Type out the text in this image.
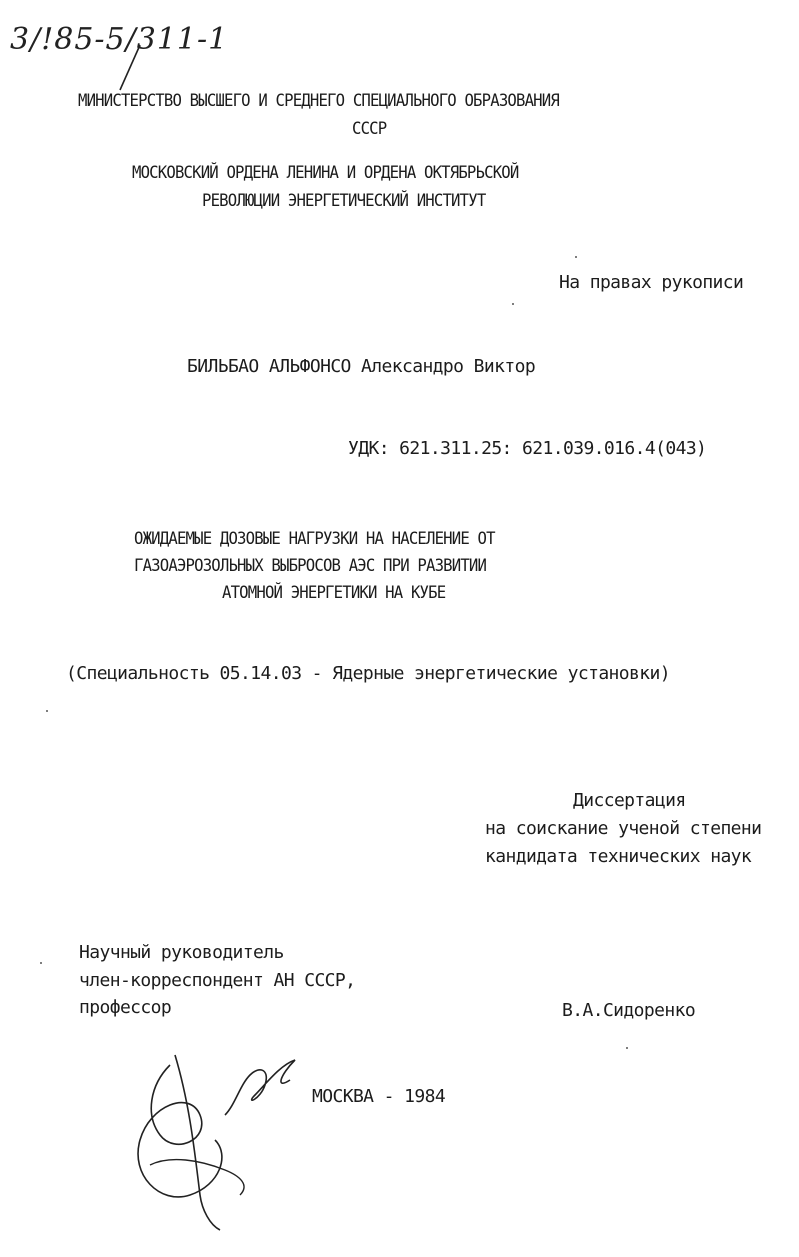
3/!85-5/311-1
МИНИСТЕРСТВО ВЫСШЕГО И СРЕДНЕГО СПЕЦИАЛЬНОГО ОБРАЗОВАНИЯ
СССР
МОСКОВСКИЙ ОРДЕНА ЛЕНИНА И ОРДЕНА ОКТЯБРЬСКОЙ
РЕВОЛЮЦИИ ЭНЕРГЕТИЧЕСКИЙ ИНСТИТУТ
На правах рукописи
БИЛЬБАО АЛЬФОНСО Александро Виктор
УДК: 621.311.25: 621.039.016.4(043)
ОЖИДАЕМЫЕ ДОЗОВЫЕ НАГРУЗКИ НА НАСЕЛЕНИЕ ОТ
ГАЗОАЭРОЗОЛЬНЫХ ВЫБРОСОВ АЭС ПРИ РАЗВИТИИ
АТОМНОЙ ЭНЕРГЕТИКИ НА КУБЕ
(Специальность 05.14.03 - Ядерные энергетические установки)
Диссертация
на соискание ученой степени
кандидата технических наук
Научный руководитель
член-корреспондент АН СССР,
профессор	В.А.Сидоренко
МОСКВА - 1984
